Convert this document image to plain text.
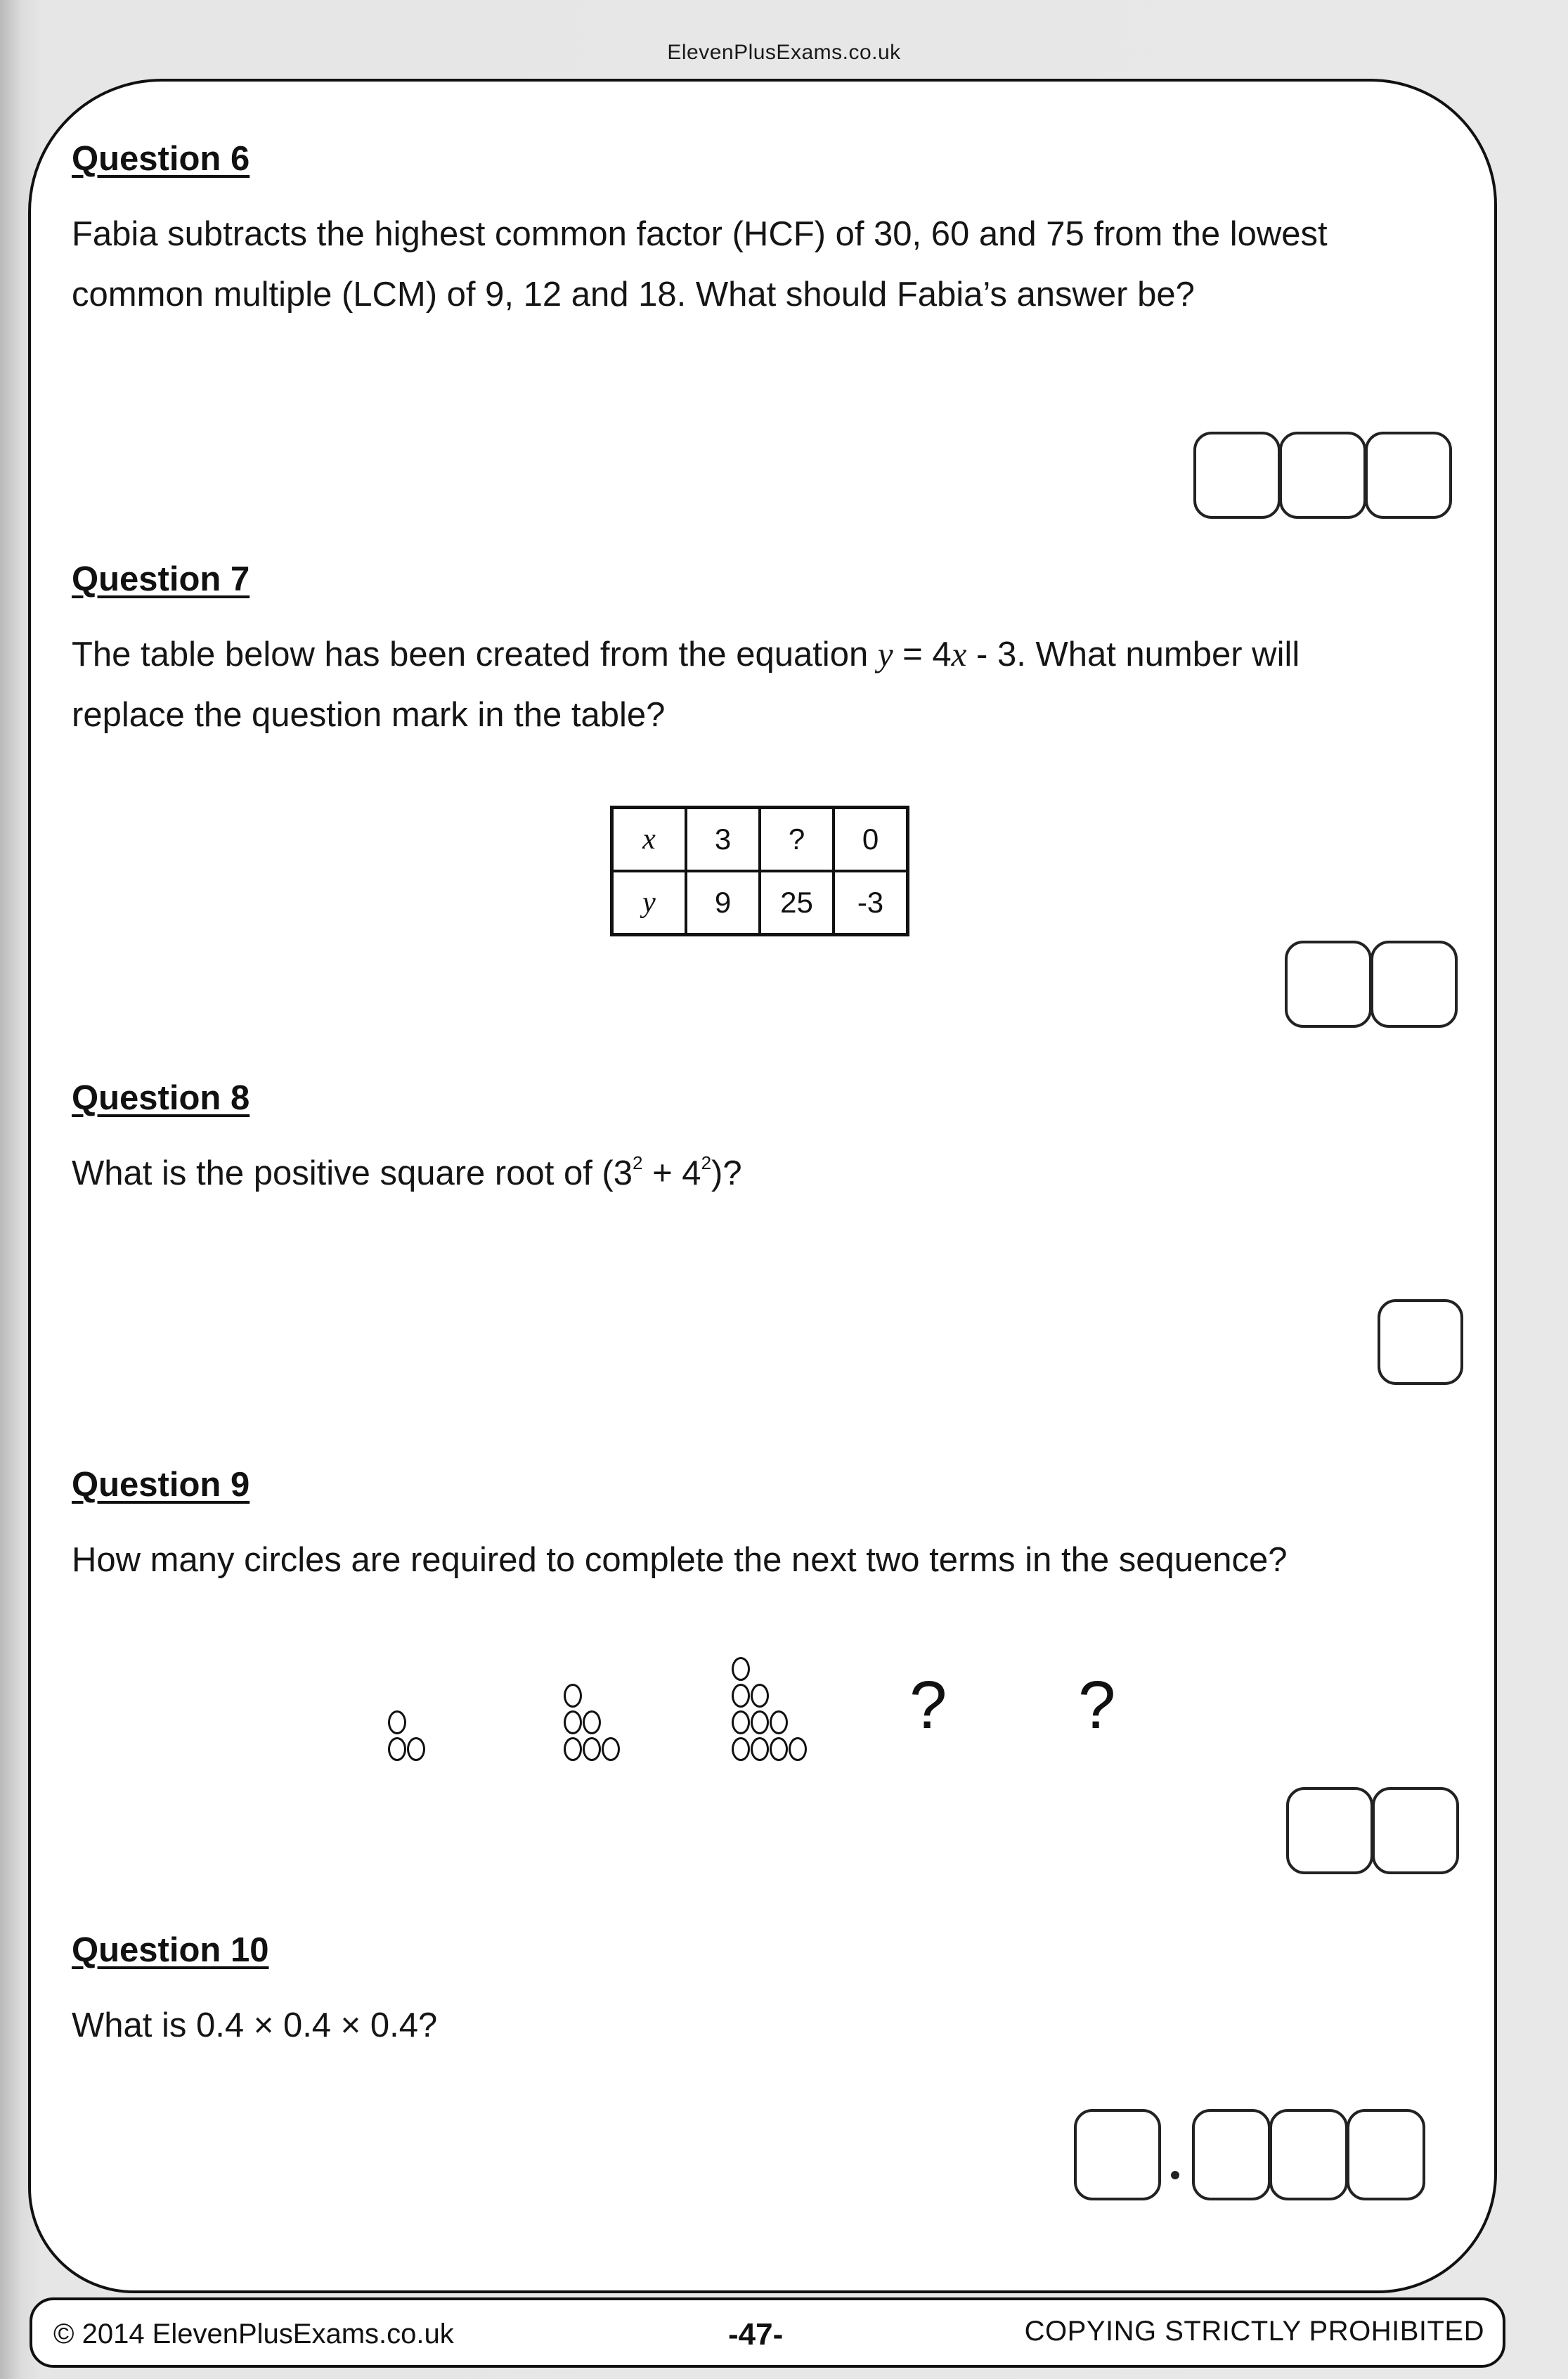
ElevenPlusExams.co.uk
Question 6

Fabia subtracts the highest common factor (HCF) of 30, 60 and 75 from the lowest
common multiple (LCM) of 9, 12 and 18. What should Fabia’s answer be?

Question 7

The table below has been created from the equation y = 4x - 3. What number will
replace the question mark in the table?

x	3	?	0
y	9	25	-3
Question 8

What is the positive square root of $(3^2 + 4^2)$?

Question 9

How many circles are required to complete the next two terms in the sequence?

? ?
Question 10

What is 0.4 × 0.4 × 0.4?

© 2014 ElevenPlusExams.co.uk	-47-	COPYING STRICTLY PROHIBITED
